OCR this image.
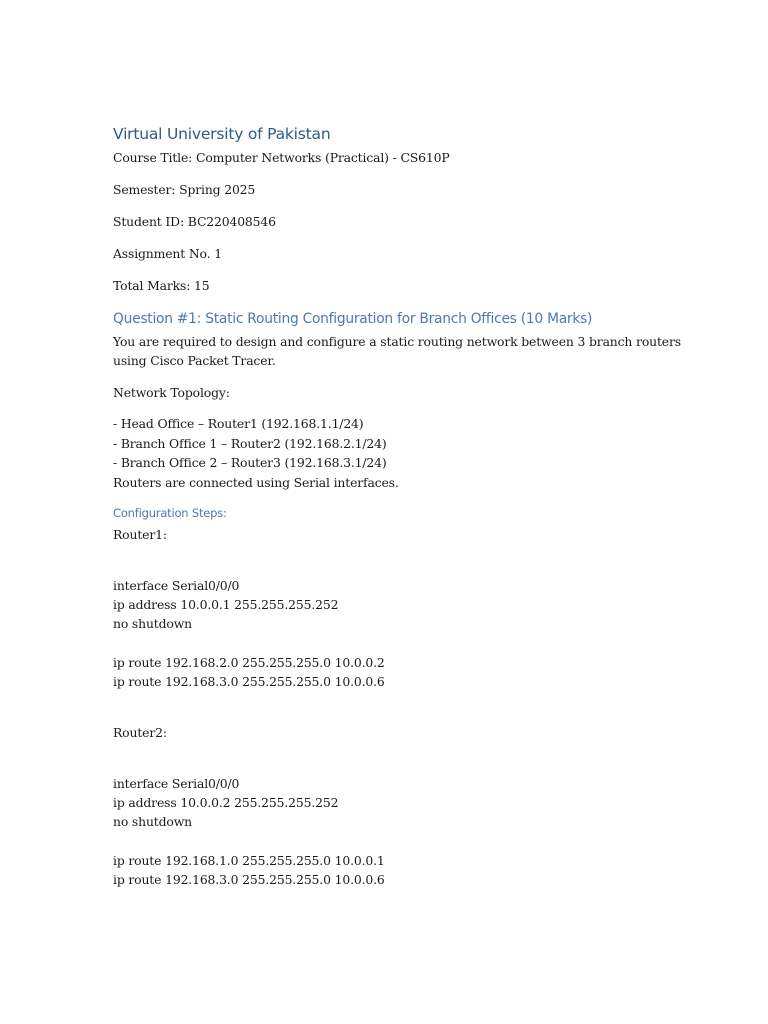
Virtual University of Pakistan
Course Title: Computer Networks (Practical) - CS610P
Semester: Spring 2025
Student ID: BC220408546
Assignment No. 1
Total Marks: 15
Question #1: Static Routing Configuration for Branch Offices (10 Marks)
You are required to design and configure a static routing network between 3 branch routers
using Cisco Packet Tracer.
Network Topology:
- Head Office – Router1 (192.168.1.1/24)
- Branch Office 1 – Router2 (192.168.2.1/24)
- Branch Office 2 – Router3 (192.168.3.1/24)
Routers are connected using Serial interfaces.
Configuration Steps:
Router1:
interface Serial0/0/0
ip address 10.0.0.1 255.255.255.252
no shutdown
ip route 192.168.2.0 255.255.255.0 10.0.0.2
ip route 192.168.3.0 255.255.255.0 10.0.0.6
Router2:
interface Serial0/0/0
ip address 10.0.0.2 255.255.255.252
no shutdown
ip route 192.168.1.0 255.255.255.0 10.0.0.1
ip route 192.168.3.0 255.255.255.0 10.0.0.6
